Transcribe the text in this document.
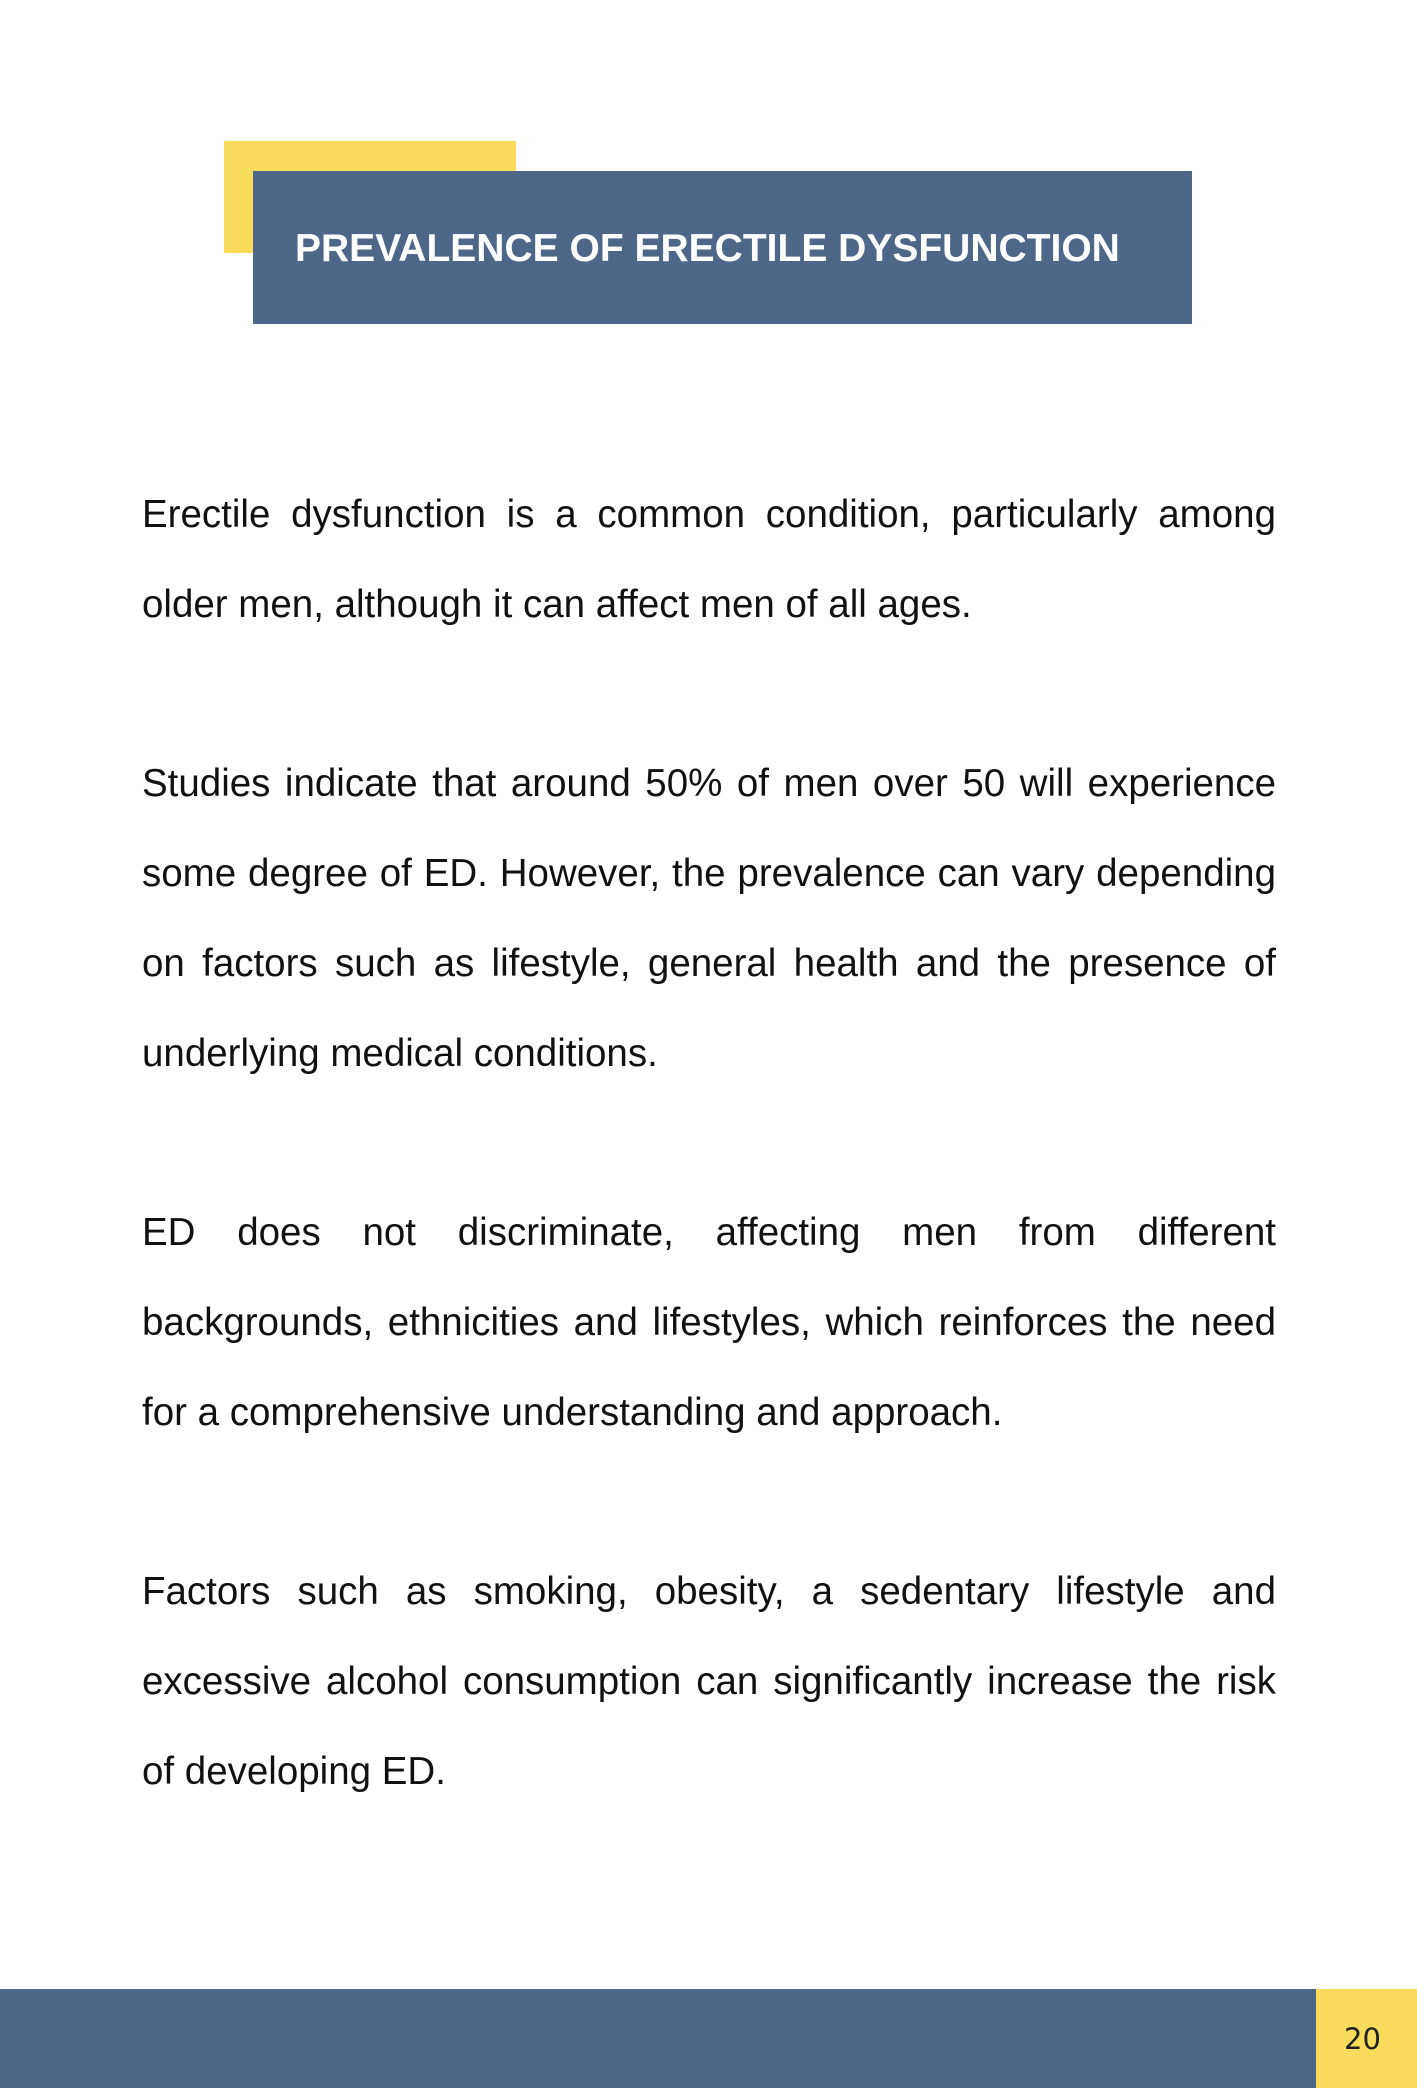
PREVALENCE OF ERECTILE DYSFUNCTION

Erectile dysfunction is a common condition, particularly among older men, although it can affect men of all ages.

Studies indicate that around 50% of men over 50 will experience some degree of ED. However, the prevalence can vary depending on factors such as lifestyle, general health and the presence of underlying medical conditions.

ED does not discriminate, affecting men from different backgrounds, ethnicities and lifestyles, which reinforces the need for a comprehensive understanding and approach.

Factors such as smoking, obesity, a sedentary lifestyle and excessive alcohol consumption can significantly increase the risk of developing ED.

20
